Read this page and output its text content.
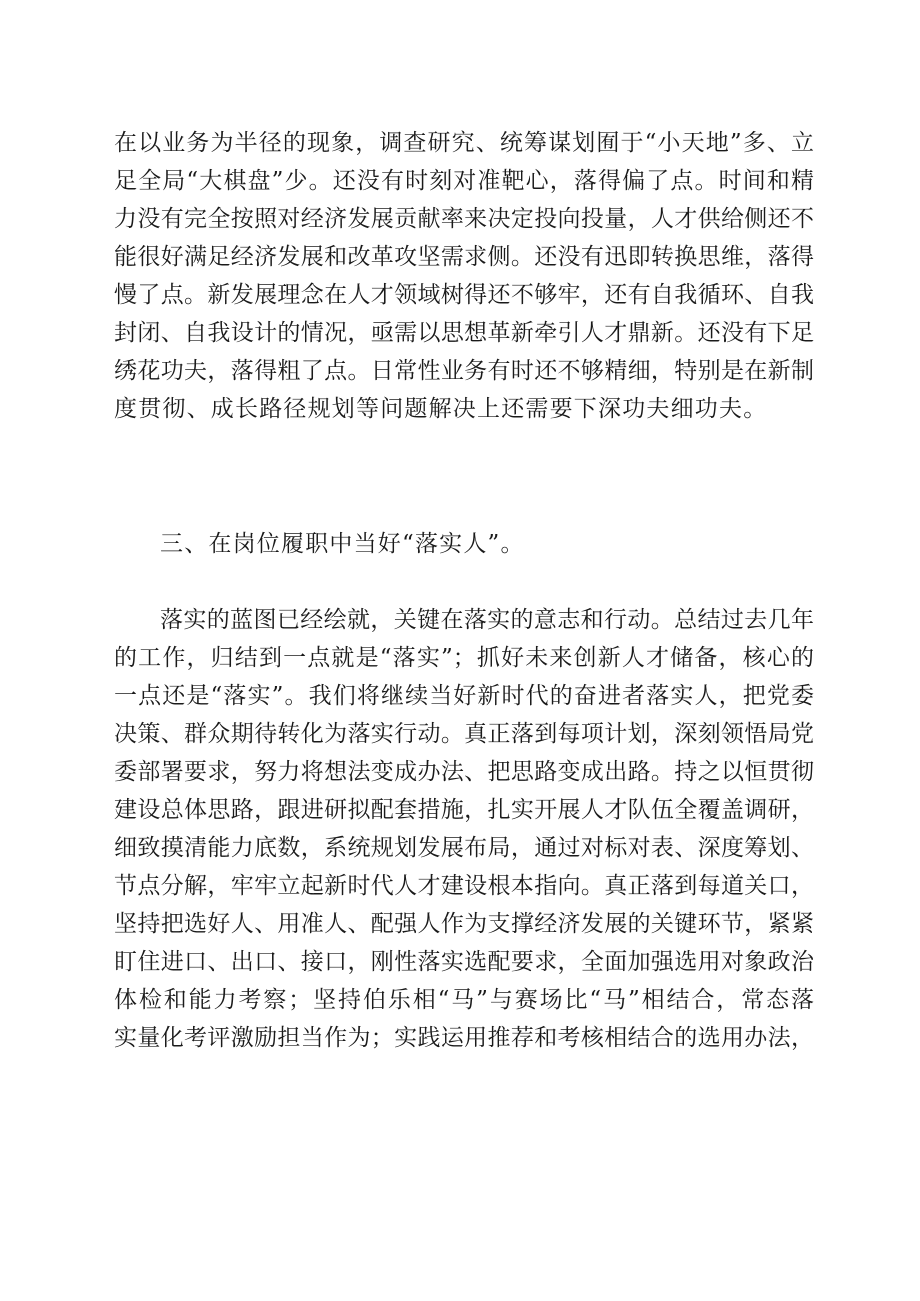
在以业务为半径的现象，调查研究、统筹谋划囿于“小天地”多、立
足全局“大棋盘”少。还没有时刻对准靶心，落得偏了点。时间和精
力没有完全按照对经济发展贡献率来决定投向投量，人才供给侧还不
能很好满足经济发展和改革攻坚需求侧。还没有迅即转换思维，落得
慢了点。新发展理念在人才领域树得还不够牢，还有自我循环、自我
封闭、自我设计的情况，亟需以思想革新牵引人才鼎新。还没有下足
绣花功夫，落得粗了点。日常性业务有时还不够精细，特别是在新制
度贯彻、成长路径规划等问题解决上还需要下深功夫细功夫。
三、在岗位履职中当好“落实人”。
落实的蓝图已经绘就，关键在落实的意志和行动。总结过去几年
的工作，归结到一点就是“落实”；抓好未来创新人才储备，核心的
一点还是“落实”。我们将继续当好新时代的奋进者落实人，把党委
决策、群众期待转化为落实行动。真正落到每项计划，深刻领悟局党
委部署要求，努力将想法变成办法、把思路变成出路。持之以恒贯彻
建设总体思路，跟进研拟配套措施，扎实开展人才队伍全覆盖调研，
细致摸清能力底数，系统规划发展布局，通过对标对表、深度筹划、
节点分解，牢牢立起新时代人才建设根本指向。真正落到每道关口，
坚持把选好人、用准人、配强人作为支撑经济发展的关键环节，紧紧
盯住进口、出口、接口，刚性落实选配要求，全面加强选用对象政治
体检和能力考察；坚持伯乐相“马”与赛场比“马”相结合，常态落
实量化考评激励担当作为；实践运用推荐和考核相结合的选用办法，
